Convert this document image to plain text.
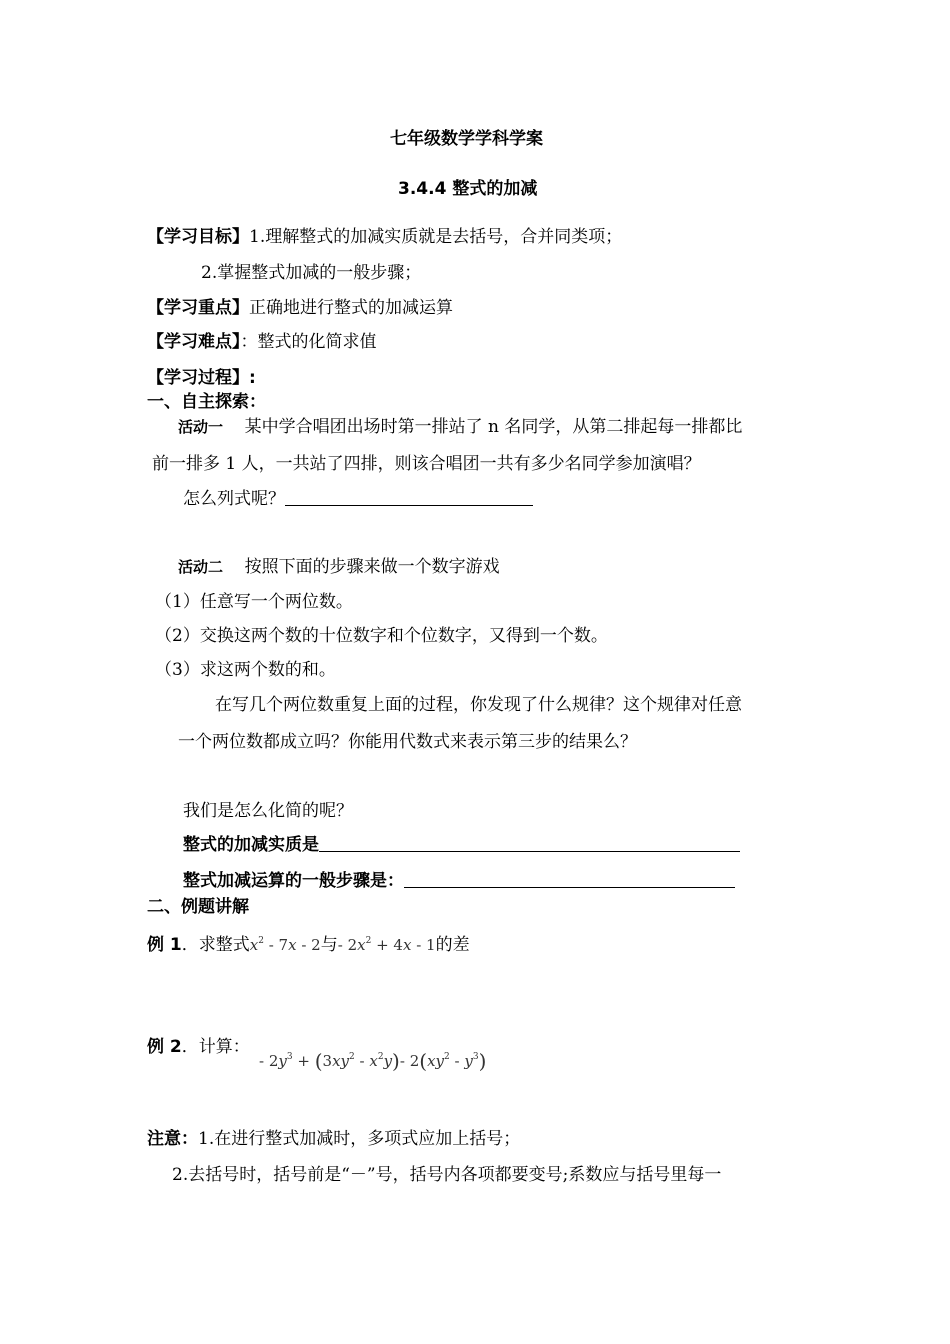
七年级数学学科学案
3.4.4 整式的加减
【学习目标】1.理解整式的加减实质就是去括号，合并同类项；
2.掌握整式加减的一般步骤；
【学习重点】正确地进行整式的加减运算
【学习难点】：整式的化简求值
【学习过程】:
一、自主探索：
活动一 某中学合唱团出场时第一排站了 n 名同学，从第二排起每一排都比
前一排多 1 人，一共站了四排，则该合唱团一共有多少名同学参加演唱？
怎么列式呢？
活动二 按照下面的步骤来做一个数字游戏
（1）任意写一个两位数。
（2）交换这两个数的十位数字和个位数字，又得到一个数。
（3）求这两个数的和。
在写几个两位数重复上面的过程，你发现了什么规律？这个规律对任意
一个两位数都成立吗？你能用代数式来表示第三步的结果么？
我们是怎么化简的呢？
整式的加减实质是
整式加减运算的一般步骤是：
二、例题讲解
例 1．求整式$x^2 - 7x - 2$与- $2x^2 + 4x - 1$的差
例 2．计算：
- $2y^3 + (3xy^2 - x^2y)-$ $2(xy^2 - y^3)$
注意：1.在进行整式加减时，多项式应加上括号；
2.去括号时，括号前是“－”号，括号内各项都要变号;系数应与括号里每一
